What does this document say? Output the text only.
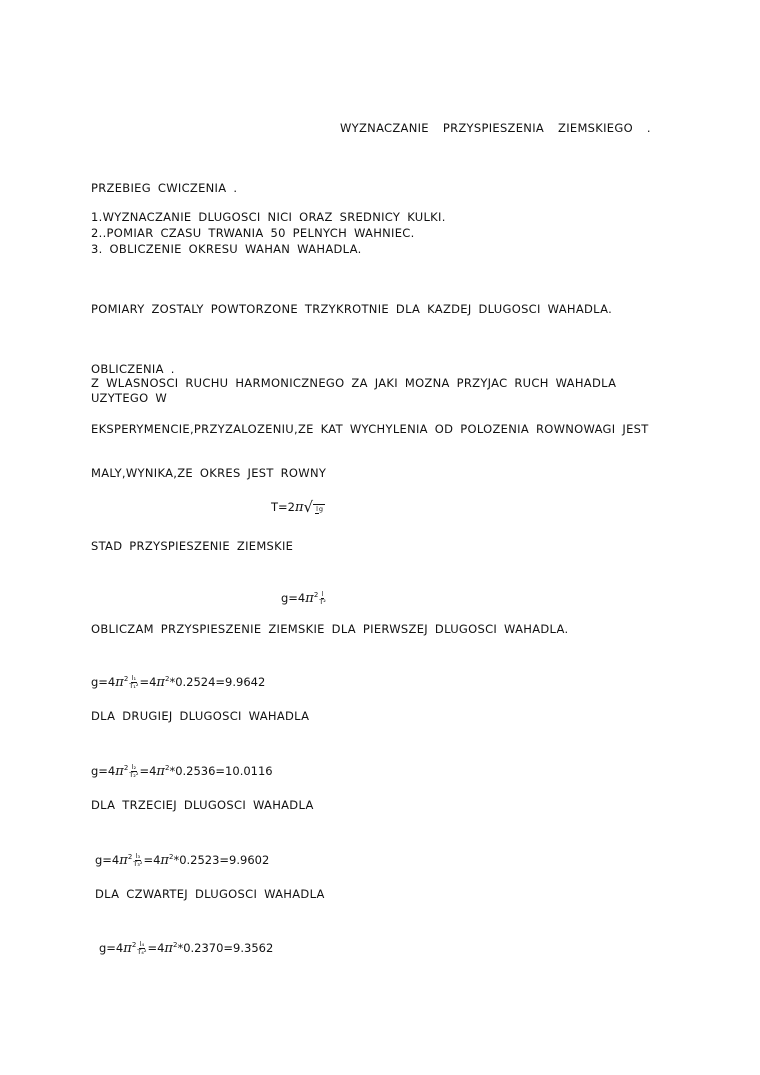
WYZNACZANIE PRZYSPIESZENIA ZIEMSKIEGO .
PRZEBIEG CWICZENIA .
1.WYZNACZANIE DLUGOSCI NICI ORAZ SREDNICY KULKI.
2..POMIAR CZASU TRWANIA 50 PELNYCH WAHNIEC.
3. OBLICZENIE OKRESU WAHAN WAHADLA.
POMIARY ZOSTALY POWTORZONE TRZYKROTNIE DLA KAZDEJ DLUGOSCI WAHADLA.
OBLICZENIA .
Z WLASNOSCI RUCHU HARMONICZNEGO ZA JAKI MOZNA PRZYJAC RUCH WAHADLA UZYTEGO W
EKSPERYMENCIE,PRZYZALOZENIU,ZE KAT WYCHYLENIA OD POLOZENIA ROWNOWAGI JEST
MALY,WYNIKA,ZE OKRES JEST ROWNY
T=2π √ lg
STAD PRZYSPIESZENIE ZIEMSKIE
$g=4\pi^2 \frac{l}{\text{T²}}$
OBLICZAM PRZYSPIESZENIE ZIEMSKIE DLA PIERWSZEJ DLUGOSCI WAHADLA.
$g=4\pi^2 \frac{\text{l₁}}{\text{T₁²}} =4\pi^2*0.2524=9.9642$
DLA DRUGIEJ DLUGOSCI WAHADLA
$g=4\pi^2 \frac{\text{l₂}}{\text{T₂²}} =4\pi^2*0.2536=10.0116$
DLA TRZECIEJ DLUGOSCI WAHADLA
$g=4\pi^2 \frac{\text{l₃}}{\text{T₃²}} =4\pi^2*0.2523=9.9602$
DLA CZWARTEJ DLUGOSCI WAHADLA
$g=4\pi^2 \frac{\text{l₄}}{\text{T₄²}} =4\pi^2*0.2370=9.3562$
